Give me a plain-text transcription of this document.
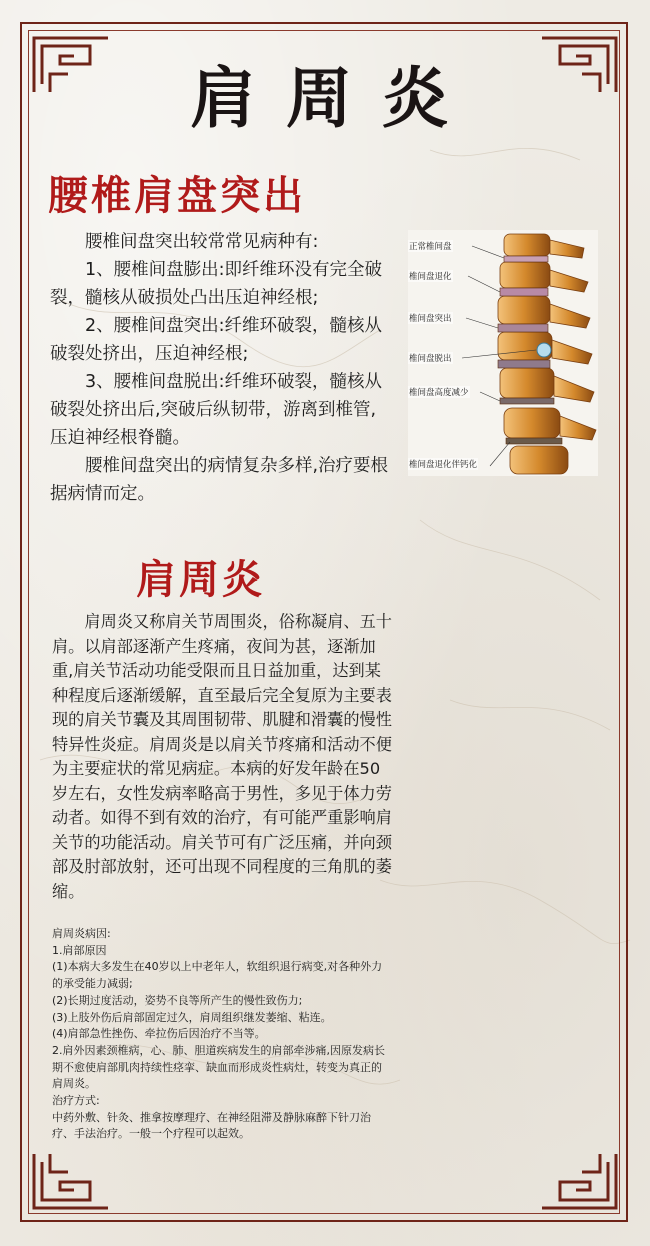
肩周炎
腰椎肩盘突出

腰椎间盘突出较常常见病种有:

1、腰椎间盘膨出:即纤维环没有完全破裂，髓核从破损处凸出压迫神经根;

2、腰椎间盘突出:纤维环破裂，髓核从破裂处挤出，压迫神经根;

3、腰椎间盘脱出:纤维环破裂，髓核从破裂处挤出后,突破后纵韧带，游离到椎管,压迫神经根脊髓。

腰椎间盘突出的病情复杂多样,治疗要根据病情而定。

正常椎间盘
椎间盘退化
椎间盘突出
椎间盘脱出
椎间盘高度减少
椎间盘退化伴钙化
肩周炎

肩周炎又称肩关节周围炎，俗称凝肩、五十肩。以肩部逐渐产生疼痛，夜间为甚，逐渐加重,肩关节活动功能受限而且日益加重，达到某种程度后逐渐缓解，直至最后完全复原为主要表现的肩关节囊及其周围韧带、肌腱和滑囊的慢性特异性炎症。肩周炎是以肩关节疼痛和活动不便为主要症状的常见病症。本病的好发年龄在50岁左右，女性发病率略高于男性，多见于体力劳动者。如得不到有效的治疗，有可能严重影响肩关节的功能活动。肩关节可有广泛压痛，并向颈部及肘部放射，还可出现不同程度的三角肌的萎缩。

肩周炎病因:
1.肩部原因
(1)本病大多发生在40岁以上中老年人，软组织退行病变,对各种外力的承受能力减弱;
(2)长期过度活动，姿势不良等所产生的慢性致伤力;
(3)上肢外伤后肩部固定过久，肩周组织继发萎缩、粘连。
(4)肩部急性挫伤、牵拉伤后因治疗不当等。
2.肩外因素颈椎病，心、肺、胆道疾病发生的肩部牵涉痛,因原发病长期不愈使肩部肌肉持续性痉挛、缺血而形成炎性病灶，转变为真正的肩周炎。
治疗方式:
中药外敷、针灸、推拿按摩理疗、在神经阻滞及静脉麻醉下针刀治疗、手法治疗。一般一个疗程可以起效。
